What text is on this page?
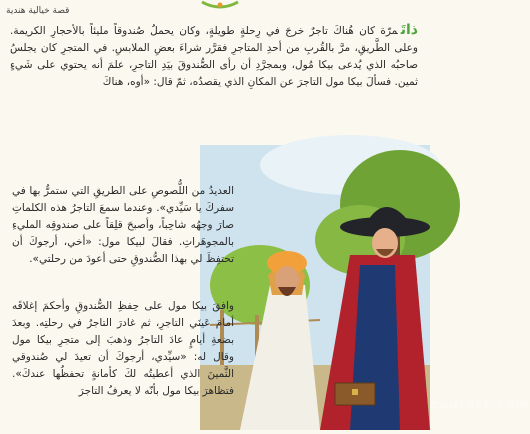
قصة خيالية هندية
ذاتَمرّة كان هُناكَ تاجرٌ خرجَ في رِحلةٍ طويلةٍ، وكان يحملُ صُندوقاً مليئاً بالأحجارِ الكريمة. وعلى الطَّريقِ، مرَّ بالقُربِ من أحدِ المتاجرِ فقرَّر شراءَ بعضِ الملابسِ. في المتجرِ كان يجلسُ صاحبُه الذي يُدعى بيكا مُول، وبمجرَّدِ أن رأى الصُّندوقَ بيَدِ التاجرِ، علمَ أنه يحتوي على شَيءٍ ثمين. فسألَ بيكا مول التاجرَ عن المكانِ الذي يقصدُه، ثمّ قال: «أوه، هناكَ
coorart.com
العديدُ من اللُّصوصِ على الطريقِ التي ستمرُّ بها في سفركَ يا سَيِّدي». وعندما سمعَ التاجرُ هذه الكلماتِ صارَ وجهُه شاحِباً، وأصبحَ قلِقاً على صندوقِه المليءِ بالمجوهَراتِ. فقالَ لبيكا مول: «أخي، أرجوكَ أن تحتفِظَ لي بهذا الصُّندوقِ حتى أعودَ من رحلتي».
وافقَ بيكا مول على حِفظِ الصُّندوقِ وأحكمَ إغلاقَه أمامَ عَينَي التاجرِ، ثم غادرَ التاجرُ في رحلتِه. وبعدَ بضعةِ أيامٍ عادَ التاجرُ وذهبَ إلى متجرِ بيكا مول وقال له: «سيِّدي، أرجوكَ أن تعيدَ لي صُندوقي الثَّمينَ الذي أعطيتُه لكَ كأمانةٍ تحفظُها عندكَ». فتظاهرَ بيكا مول بأنّه لا يعرفُ التاجرَ
